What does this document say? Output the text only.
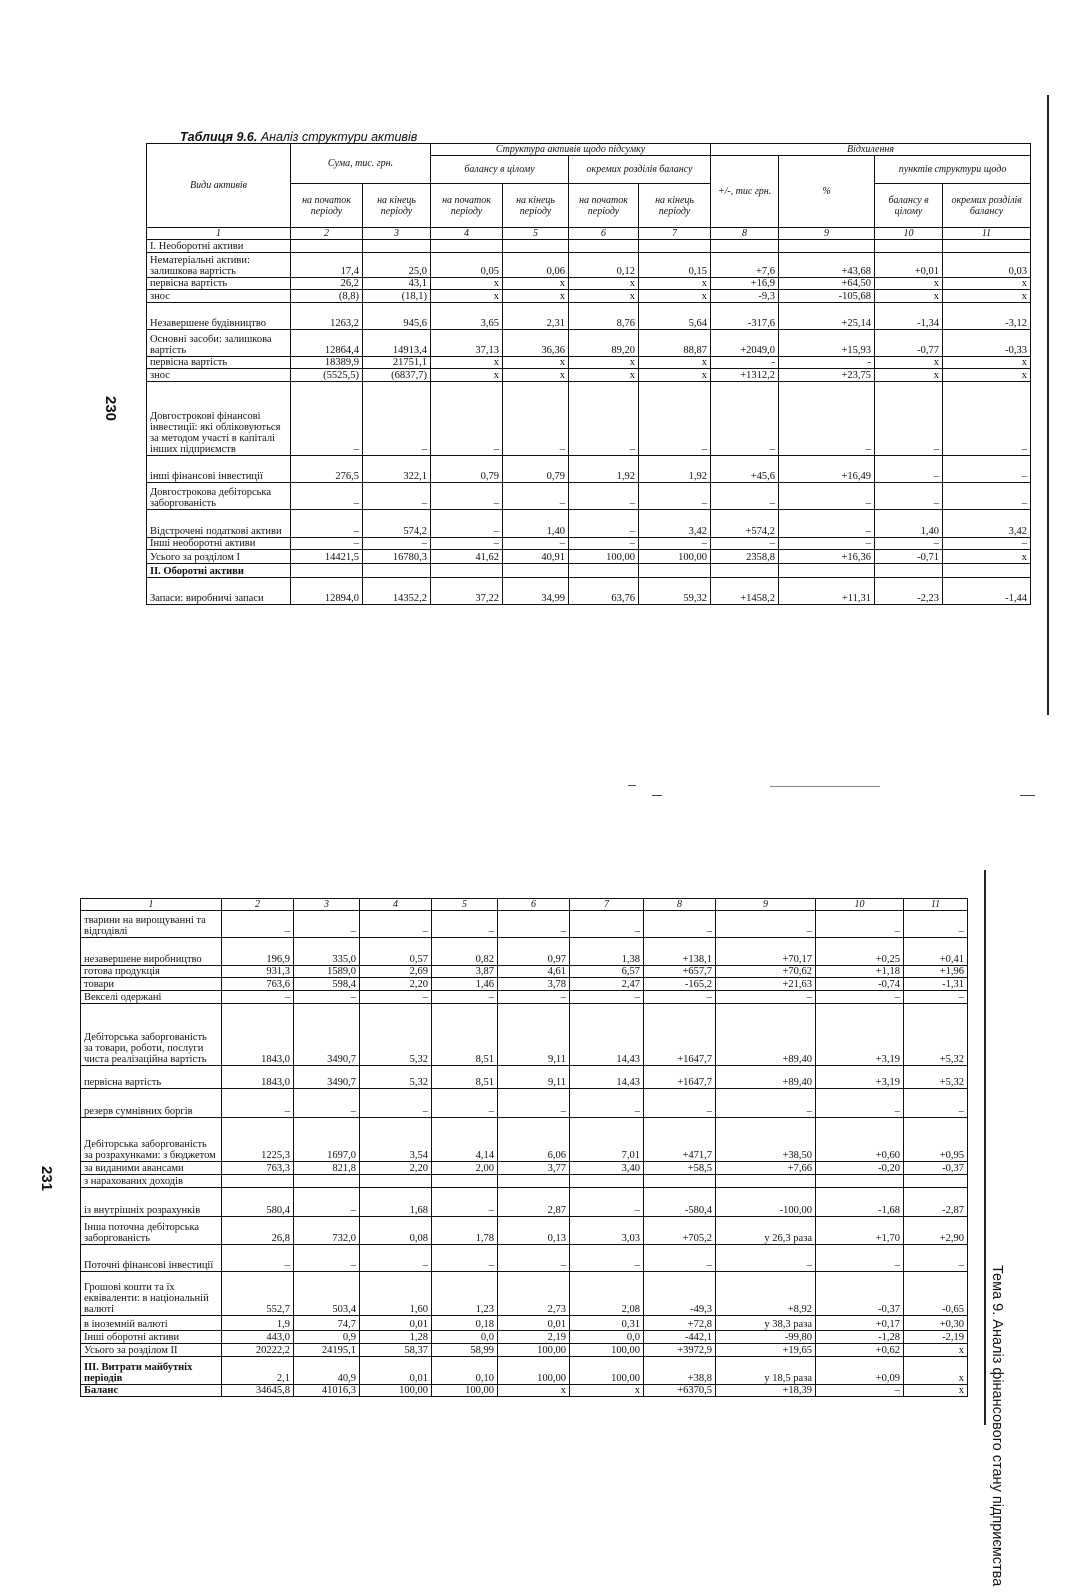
Таблиця 9.6. Аналіз структури активів
230
Види активів	Сума, тис. грн.		Структура активів щодо підсумку				Відхилення			
			балансу в цілому		окремих розділів балансу		+/-, тис грн.	%	пунктів структури щодо	
	на початок періоду	на кінець періоду	на початок періоду	на кінець періоду	на початок періоду	на кінець періоду			балансу в цілому	окремих розділів балансу
1	2	3	4	5	6	7	8	9	10	11
І. Необоротні активи										
Нематеріальні активи: залишкова вартість	17,4	25,0	0,05	0,06	0,12	0,15	+7,6	+43,68	+0,01	0,03
первісна вартість	26,2	43,1	x	x	x	x	+16,9	+64,50	x	x
знос	(8,8)	(18,1)	x	x	x	x	-9,3	-105,68	x	x
Незавершене будівництво	1263,2	945,6	3,65	2,31	8,76	5,64	-317,6	+25,14	-1,34	-3,12
Основні засоби: залишкова вартість	12864,4	14913,4	37,13	36,36	89,20	88,87	+2049,0	+15,93	-0,77	-0,33
первісна вартість	18389,9	21751,1	x	x	x	x	-	-	x	x
знос	(5525,5)	(6837,7)	x	x	x	x	+1312,2	+23,75	x	x
Довгострокові фінансові інвестиції: які обліковуються за методом участі в капіталі інших підприємств	–	–	–	–	–	–	–	–	–	–
інші фінансові інвестиції	276,5	322,1	0,79	0,79	1,92	1,92	+45,6	+16,49	–	–
Довгострокова дебіторська заборгованість	–	–	–	–	–	–	–	–	–	–
Відстрочені податкові активи	–	574,2	–	1,40	–	3,42	+574,2	–	1,40	3,42
Інші необоротні активи	–	–	–	–	–	–	–	–	–	–
Усього за розділом І	14421,5	16780,3	41,62	40,91	100,00	100,00	2358,8	+16,36	-0,71	x
ІІ. Оборотні активи										
Запаси: виробничі запаси	12894,0	14352,2	37,22	34,99	63,76	59,32	+1458,2	+11,31	-2,23	-1,44
231
1	2	3	4	5	6	7	8	9	10	11
тварини на вирощуванні та відгодівлі	–	–	–	–	–	–	–	–	–	–
незавершене виробництво	196,9	335,0	0,57	0,82	0,97	1,38	+138,1	+70,17	+0,25	+0,41
готова продукція	931,3	1589,0	2,69	3,87	4,61	6,57	+657,7	+70,62	+1,18	+1,96
товари	763,6	598,4	2,20	1,46	3,78	2,47	-165,2	+21,63	-0,74	-1,31
Векселі одержані	–	–	–	–	–	–	–	–	–	–
Дебіторська заборгованість за товари, роботи, послуги чиста реалізаційна вартість	1843,0	3490,7	5,32	8,51	9,11	14,43	+1647,7	+89,40	+3,19	+5,32
первісна вартість	1843,0	3490,7	5,32	8,51	9,11	14,43	+1647,7	+89,40	+3,19	+5,32
резерв сумнівних боргів	–	–	–	–	–	–	–	–	–	–
Дебіторська заборгованість за розрахунками: з бюджетом	1225,3	1697,0	3,54	4,14	6,06	7,01	+471,7	+38,50	+0,60	+0,95
за виданими авансами	763,3	821,8	2,20	2,00	3,77	3,40	+58,5	+7,66	-0,20	-0,37
з нарахованих доходів										
із внутрішніх розрахунків	580,4	–	1,68	–	2,87	–	-580,4	-100,00	-1,68	-2,87
Інша поточна дебіторська заборгованість	26,8	732,0	0,08	1,78	0,13	3,03	+705,2	у 26,3 раза	+1,70	+2,90
Поточні фінансові інвестиції	–	–	–	–	–	–	–	–	–	–
Грошові кошти та їх еквіваленти: в національній валюті	552,7	503,4	1,60	1,23	2,73	2,08	-49,3	+8,92	-0,37	-0,65
в іноземній валюті	1,9	74,7	0,01	0,18	0,01	0,31	+72,8	у 38,3 раза	+0,17	+0,30
Інші оборотні активи	443,0	0,9	1,28	0,0	2,19	0,0	-442,1	-99,80	-1,28	-2,19
Усього за розділом ІІ	20222,2	24195,1	58,37	58,99	100,00	100,00	+3972,9	+19,65	+0,62	x
ІІІ. Витрати майбутніх періодів	2,1	40,9	0,01	0,10	100,00	100,00	+38,8	у 18,5 раза	+0,09	x
Баланс	34645,8	41016,3	100,00	100,00	x	x	+6370,5	+18,39	–	x	Тема 9. Аналіз фінансового стану підприємства
